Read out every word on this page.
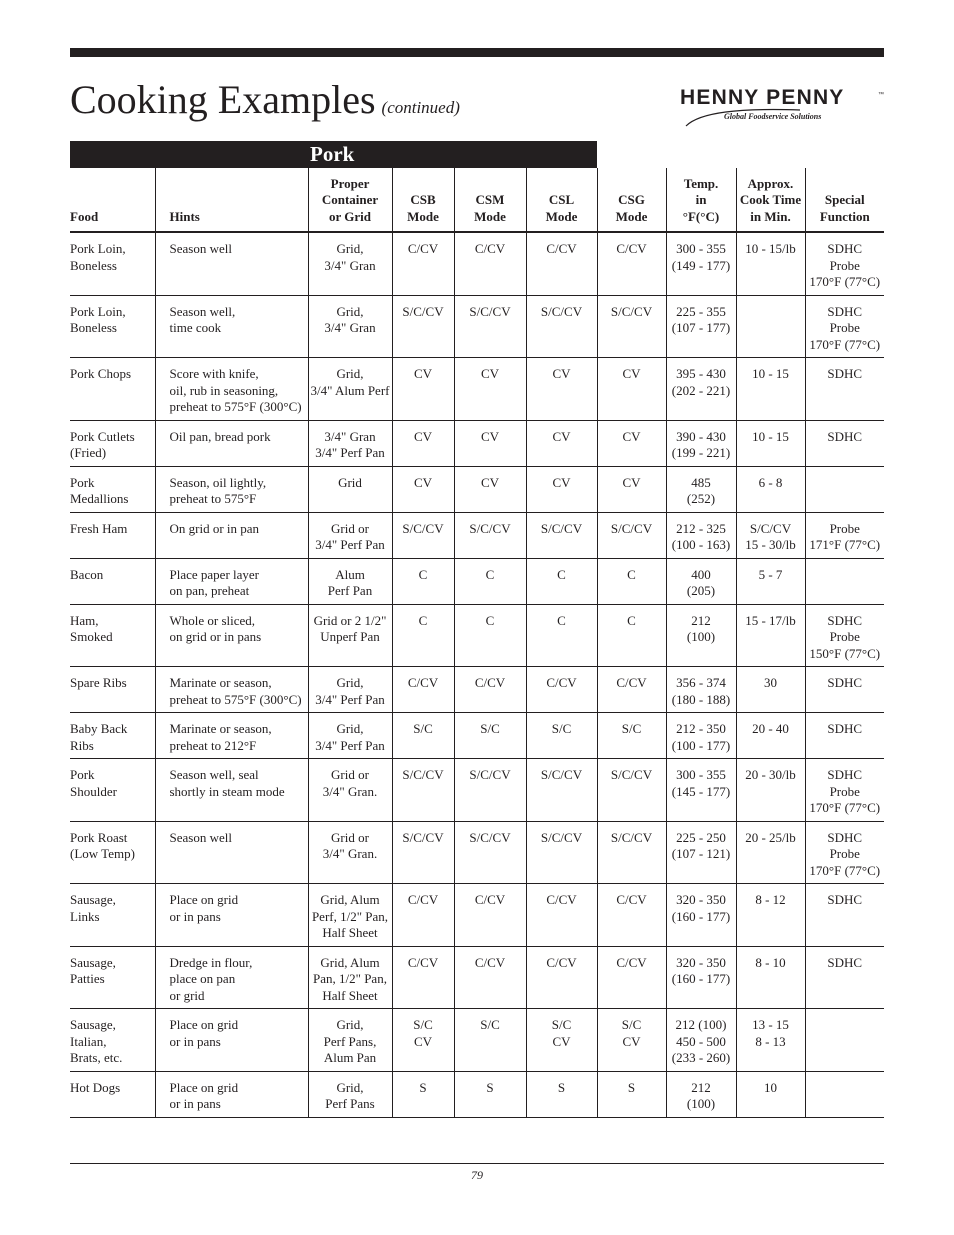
Cooking Examples (continued)	HENNY PENNY	™
Global Foodservice Solutions
Pork
Food	Hints	Proper
Container
or Grid	CSB
Mode	CSM
Mode	CSL
Mode	CSG
Mode	Temp.
in
°F(°C)	Approx.
Cook Time
in Min.	Special
Function
Pork Loin,
Boneless	Season well	Grid,
3/4" Gran	C/CV	C/CV	C/CV	C/CV	300 - 355
(149 - 177)	10 - 15/lb	SDHC
Probe
170°F (77°C)
Pork Loin,
Boneless	Season well,
time cook	Grid,
3/4" Gran	S/C/CV	S/C/CV	S/C/CV	S/C/CV	225 - 355
(107 - 177)		SDHC
Probe
170°F (77°C)
Pork Chops	Score with knife,
oil, rub in seasoning,
preheat to 575°F (300°C)	Grid,
3/4" Alum Perf	CV	CV	CV	CV	395 - 430
(202 - 221)	10 - 15	SDHC
Pork Cutlets
(Fried)	Oil pan, bread pork	3/4" Gran
3/4" Perf Pan	CV	CV	CV	CV	390 - 430
(199 - 221)	10 - 15	SDHC
Pork
Medallions	Season, oil lightly,
preheat to 575°F	Grid	CV	CV	CV	CV	485
(252)	6 - 8	
Fresh Ham	On grid or in pan	Grid or
3/4" Perf Pan	S/C/CV	S/C/CV	S/C/CV	S/C/CV	212 - 325
(100 - 163)	S/C/CV
15 - 30/lb	Probe
171°F (77°C)
Bacon	Place paper layer
on pan, preheat	Alum
Perf Pan	C	C	C	C	400
(205)	5 - 7	
Ham,
Smoked	Whole or sliced,
on grid or in pans	Grid or 2 1/2"
Unperf Pan	C	C	C	C	212
(100)	15 - 17/lb	SDHC
Probe
150°F (77°C)
Spare Ribs	Marinate or season,
preheat to 575°F (300°C)	Grid,
3/4" Perf Pan	C/CV	C/CV	C/CV	C/CV	356 - 374
(180 - 188)	30	SDHC
Baby Back
Ribs	Marinate or season,
preheat to 212°F	Grid,
3/4" Perf Pan	S/C	S/C	S/C	S/C	212 - 350
(100 - 177)	20 - 40	SDHC
Pork
Shoulder	Season well, seal
shortly in steam mode	Grid or
3/4" Gran.	S/C/CV	S/C/CV	S/C/CV	S/C/CV	300 - 355
(145 - 177)	20 - 30/lb	SDHC
Probe
170°F (77°C)
Pork Roast
(Low Temp)	Season well	Grid or
3/4" Gran.	S/C/CV	S/C/CV	S/C/CV	S/C/CV	225 - 250
(107 - 121)	20 - 25/lb	SDHC
Probe
170°F (77°C)
Sausage,
Links	Place on grid
or in pans	Grid, Alum
Perf, 1/2" Pan,
Half Sheet	C/CV	C/CV	C/CV	C/CV	320 - 350
(160 - 177)	8 - 12	SDHC
Sausage,
Patties	Dredge in flour,
place on pan
or grid	Grid, Alum
Pan, 1/2" Pan,
Half Sheet	C/CV	C/CV	C/CV	C/CV	320 - 350
(160 - 177)	8 - 10	SDHC
Sausage,
Italian,
Brats, etc.	Place on grid
or in pans	Grid,
Perf Pans,
Alum Pan	S/C
CV	S/C	S/C
CV	S/C
CV	212 (100)
450 - 500
(233 - 260)	13 - 15
8 - 13	
Hot Dogs	Place on grid
or in pans	Grid,
Perf Pans	S	S	S	S	212
(100)	10	
79
